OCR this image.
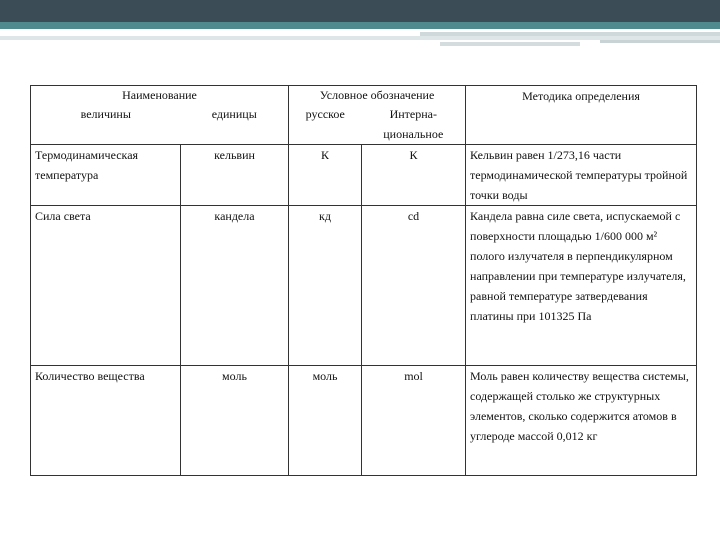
Наименование		Условное обозначение		Методика определения
величины	единицы	русское	Интерна-
циональное	

Термодинамическая температура	кельвин	К	К	Кельвин равен 1/273,16 части термодинамической температуры тройной точки воды
Сила света	кандела	кд	cd	Кандела равна силе света, испускаемой с поверхности площадью 1/600 000 м² полого излучателя в перпендикулярном направлении при температуре излучателя, равной температуре затвердевания платины при 101325 Па
Количество вещества	моль	моль	mol	Моль равен количеству вещества системы, содержащей столько же структурных элементов, сколько содержится атомов в углероде массой 0,012 кг
